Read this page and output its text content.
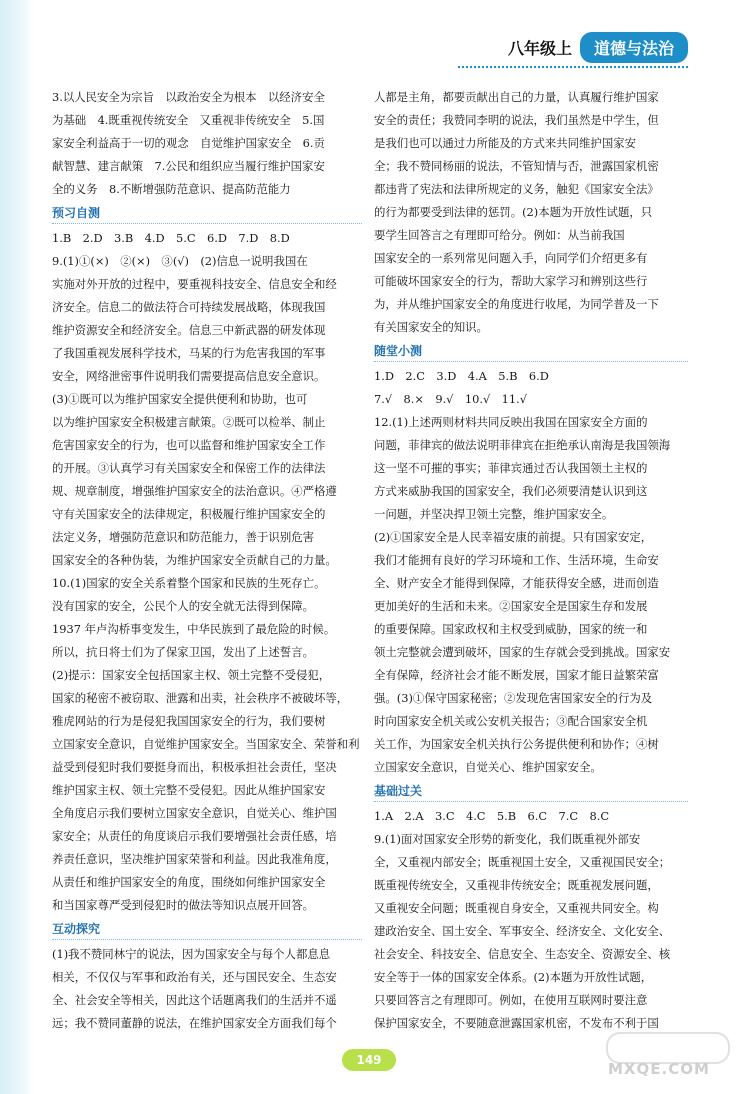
八年级上	道德与法治
3.以人民安全为宗旨　以政治安全为根本　以经济安全
为基础　4.既重视传统安全　又重视非传统安全　5.国
家安全利益高于一切的观念　自觉维护国家安全　6.贡
献智慧、建言献策　7.公民和组织应当履行维护国家安
全的义务　8.不断增强防范意识、提高防范能力
预习自测
1.B　2.D　3.B　4.D　5.C　6.D　7.D　8.D
9.(1)①(×)　②(×)　③(√)　(2)信息一说明我国在
实施对外开放的过程中，要重视科技安全、信息安全和经
济安全。信息二的做法符合可持续发展战略，体现我国
维护资源安全和经济安全。信息三中新武器的研发体现
了我国重视发展科学技术，马某的行为危害我国的军事
安全，网络泄密事件说明我们需要提高信息安全意识。
(3)①既可以为维护国家安全提供便利和协助，也可
以为维护国家安全积极建言献策。②既可以检举、制止
危害国家安全的行为，也可以监督和维护国家安全工作
的开展。③认真学习有关国家安全和保密工作的法律法
规、规章制度，增强维护国家安全的法治意识。④严格遵
守有关国家安全的法律规定，积极履行维护国家安全的
法定义务，增强防范意识和防范能力，善于识别危害
国家安全的各种伪装，为维护国家安全贡献自己的力量。
10.(1)国家的安全关系着整个国家和民族的生死存亡。
没有国家的安全，公民个人的安全就无法得到保障。
1937 年卢沟桥事变发生，中华民族到了最危险的时候。
所以，抗日将士们为了保家卫国，发出了上述誓言。
(2)提示：国家安全包括国家主权、领土完整不受侵犯，
国家的秘密不被窃取、泄露和出卖，社会秩序不被破坏等，
雅虎网站的行为是侵犯我国国家安全的行为，我们要树
立国家安全意识，自觉维护国家安全。当国家安全、荣誉和利
益受到侵犯时我们要挺身而出，积极承担社会责任，坚决
维护国家主权、领土完整不受侵犯。因此从维护国家安
全角度启示我们要树立国家安全意识，自觉关心、维护国
家安全；从责任的角度谈启示我们要增强社会责任感，培
养责任意识，坚决维护国家荣誉和利益。因此我准角度，
从责任和维护国家安全的角度，围绕如何维护国家安全
和当国家尊严受到侵犯时的做法等知识点展开回答。
互动探究
(1)我不赞同林宁的说法，因为国家安全与每个人都息息
相关，不仅仅与军事和政治有关，还与国民安全、生态安
全、社会安全等相关，因此这个话题离我们的生活并不遥
远；我不赞同董静的说法，在维护国家安全方面我们每个
人都是主角，都要贡献出自己的力量，认真履行维护国家
安全的责任；我赞同李明的说法，我们虽然是中学生，但
是我们也可以通过力所能及的方式来共同维护国家安
全；我不赞同杨丽的说法，不管知情与否，泄露国家机密
都违背了宪法和法律所规定的义务，触犯《国家安全法》
的行为都要受到法律的惩罚。(2)本题为开放性试题，只
要学生回答言之有理即可给分。例如：从当前我国
国家安全的一系列常见问题入手，向同学们介绍更多有
可能破坏国家安全的行为，帮助大家学习和辨别这些行
为，并从维护国家安全的角度进行收尾，为同学普及一下
有关国家安全的知识。
随堂小测
1.D　2.C　3.D　4.A　5.B　6.D
7.√　8.×　9.√　10.√　11.√
12.(1)上述两则材料共同反映出我国在国家安全方面的
问题，菲律宾的做法说明菲律宾在拒绝承认南海是我国领海
这一坚不可摧的事实；菲律宾通过否认我国领土主权的
方式来威胁我国的国家安全，我们必须要清楚认识到这
一问题，并坚决捍卫领土完整，维护国家安全。
(2)①国家安全是人民幸福安康的前提。只有国家安定，
我们才能拥有良好的学习环境和工作、生活环境，生命安
全、财产安全才能得到保障，才能获得安全感，进而创造
更加美好的生活和未来。②国家安全是国家生存和发展
的重要保障。国家政权和主权受到威胁，国家的统一和
领土完整就会遭到破坏，国家的生存就会受到挑战。国家安
全有保障，经济社会才能不断发展，国家才能日益繁荣富
强。(3)①保守国家秘密；②发现危害国家安全的行为及
时向国家安全机关或公安机关报告；③配合国家安全机
关工作，为国家安全机关执行公务提供便利和协作；④树
立国家安全意识，自觉关心、维护国家安全。
基础过关
1.A　2.A　3.C　4.C　5.B　6.C　7.C　8.C
9.(1)面对国家安全形势的新变化，我们既重视外部安
全，又重视内部安全；既重视国土安全，又重视国民安全；
既重视传统安全，又重视非传统安全；既重视发展问题，
又重视安全问题；既重视自身安全，又重视共同安全。构
建政治安全、国土安全、军事安全、经济安全、文化安全、
社会安全、科技安全、信息安全、生态安全、资源安全、核
安全等于一体的国家安全体系。(2)本题为开放性试题，
只要回答言之有理即可。例如，在使用互联网时要注意
保护国家安全，不要随意泄露国家机密，不发布不利于国
149	MXQE.COM
